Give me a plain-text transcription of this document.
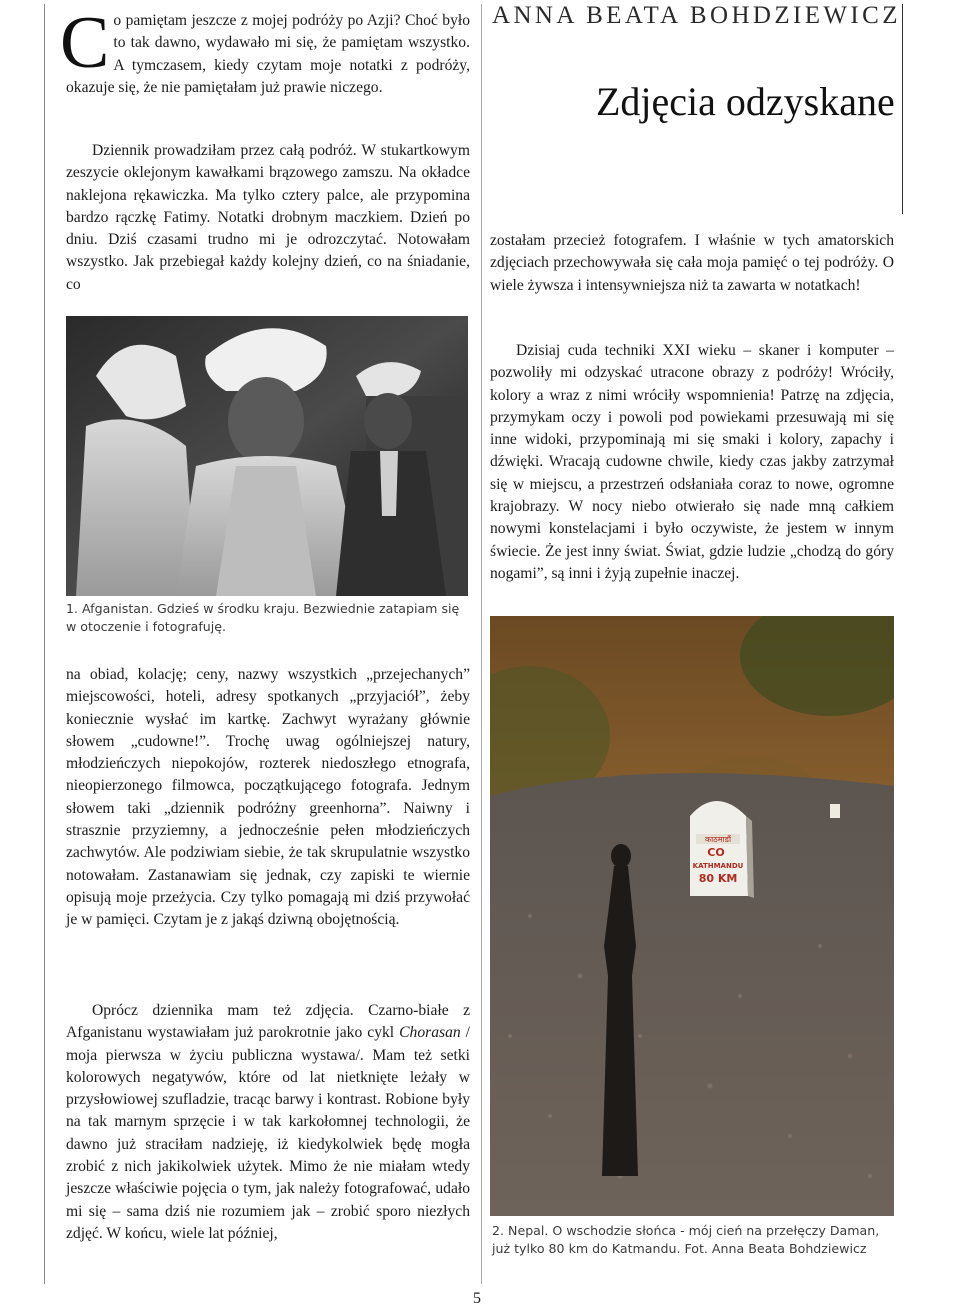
ANNA BEATA BOHDZIEWICZ
Zdjęcia odzyskane
Co pamiętam jeszcze z mojej podróży po Azji? Choć było to tak dawno, wydawało mi się, że pamiętam wszystko. A tymczasem, kiedy czytam moje notatki z podróży, okazuje się, że nie pamiętałam już prawie niczego.
Dziennik prowadziłam przez całą podróż. W stukartkowym zeszycie oklejonym kawałkami brązowego zamszu. Na okładce naklejona rękawiczka. Ma tylko cztery palce, ale przypomina bardzo rączkę Fatimy. Notatki drobnym maczkiem. Dzień po dniu. Dziś czasami trudno mi je odrozczytać. Notowałam wszystko. Jak przebiegał każdy kolejny dzień, co na śniadanie, co
1. Afganistan. Gdzieś w środku kraju. Bezwiednie zatapiam się w otoczenie i fotografuję.
na obiad, kolację; ceny, nazwy wszystkich „przejechanych” miejscowości, hoteli, adresy spotkanych „przyjaciół”, żeby koniecznie wysłać im kartkę. Zachwyt wyrażany głównie słowem „cudowne!”. Trochę uwag ogólniejszej natury, młodzieńczych niepokojów, rozterek niedoszłego etnografa, nieopierzonego filmowca, początkującego fotografa. Jednym słowem taki „dziennik podróżny greenhorna”. Naiwny i strasznie przyziemny, a jednocześnie pełen młodzieńczych zachwytów. Ale podziwiam siebie, że tak skrupulatnie wszystko notowałam. Zastanawiam się jednak, czy zapiski te wiernie opisują moje przeżycia. Czy tylko pomagają mi dziś przywołać je w pamięci. Czytam je z jakąś dziwną obojętnością.
Oprócz dziennika mam też zdjęcia. Czarno-białe z Afganistanu wystawiałam już parokrotnie jako cykl Chorasan / moja pierwsza w życiu publiczna wystawa/. Mam też setki kolorowych negatywów, które od lat nietknięte leżały w przysłowiowej szufladzie, tracąc barwy i kontrast. Robione były na tak marnym sprzęcie i w tak karkołomnej technologii, że dawno już straciłam nadzieję, iż kiedykolwiek będę mogła zrobić z nich jakikolwiek użytek. Mimo że nie miałam wtedy jeszcze właściwie pojęcia o tym, jak należy fotografować, udało mi się – sama dziś nie rozumiem jak – zrobić sporo niezłych zdjęć. W końcu, wiele lat później,
zostałam przecież fotografem. I właśnie w tych amatorskich zdjęciach przechowywała się cała moja pamięć o tej podróży. O wiele żywsza i intensywniejsza niż ta zawarta w notatkach!
Dzisiaj cuda techniki XXI wieku – skaner i komputer – pozwoliły mi odzyskać utracone obrazy z podróży! Wróciły, kolory a wraz z nimi wróciły wspomnienia! Patrzę na zdjęcia, przymykam oczy i powoli pod powiekami przesuwają mi się inne widoki, przypominają mi się smaki i kolory, zapachy i dźwięki. Wracają cudowne chwile, kiedy czas jakby zatrzymał się w miejscu, a przestrzeń odsłaniała coraz to nowe, ogromne krajobrazy. W nocy niebo otwierało się nade mną całkiem nowymi konstelacjami i było oczywiste, że jestem w innym świecie. Że jest inny świat. Świat, gdzie ludzie „chodzą do góry nogami”, są inni i żyją zupełnie inaczej.
काठमाडौं
CO
KATHMANDU
80 KM
2. Nepal. O wschodzie słońca - mój cień na przełęczy Daman, już tylko 80 km do Katmandu. Fot. Anna Beata Bohdziewicz
5
